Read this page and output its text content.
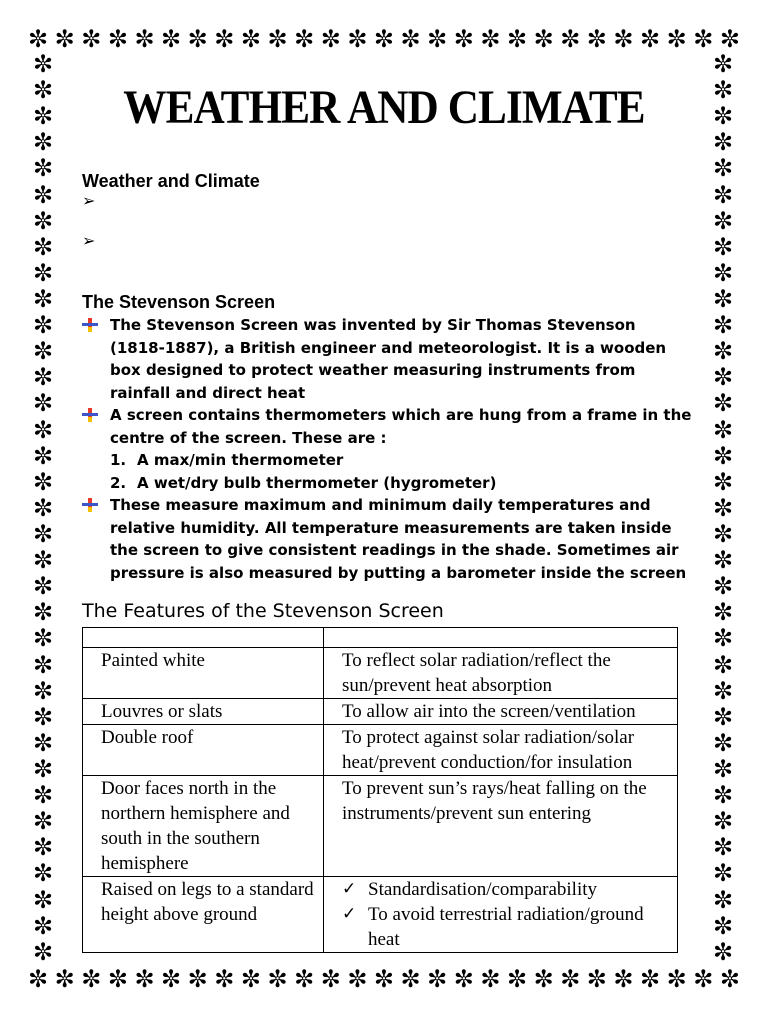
✼ ✼ ✼ ✼ ✼ ✼ ✼ ✼ ✼ ✼ ✼ ✼ ✼ ✼ ✼ ✼ ✼ ✼ ✼ ✼ ✼ ✼ ✼ ✼ ✼ ✼ ✼
✼ ✼ ✼ ✼ ✼ ✼ ✼ ✼ ✼ ✼ ✼ ✼ ✼ ✼ ✼ ✼ ✼ ✼ ✼ ✼ ✼ ✼ ✼ ✼ ✼ ✼ ✼
✼
✼
✼
✼
✼
✼
✼
✼
✼
✼
✼
✼
✼
✼
✼
✼
✼
✼
✼
✼
✼
✼
✼
✼
✼
✼
✼
✼
✼
✼
✼
✼
✼
✼
✼
✼
✼
✼
✼
✼
✼
✼
✼
✼
✼
✼
✼
✼
✼
✼
✼
✼
✼
✼
✼
✼
✼
✼
✼
✼
✼
✼
✼
✼
✼
✼
✼
✼
✼
✼
WEATHER AND CLIMATE
Weather and Climate
➢
➢
The Stevenson Screen
The Stevenson Screen was invented by Sir Thomas Stevenson (1818-1887), a British engineer and meteorologist. It is a wooden box designed to protect weather measuring instruments from rainfall and direct heat
A screen contains thermometers which are hung from a frame in the centre of the screen. These are :
1. A max/min thermometer
2. A wet/dry bulb thermometer (hygrometer)
These measure maximum and minimum daily temperatures and relative humidity. All temperature measurements are taken inside the screen to give consistent readings in the shade. Sometimes air pressure is also measured by putting a barometer inside the screen
The Features of the Stevenson Screen

Painted white	To reflect solar radiation/reflect the sun/prevent heat absorption
Louvres or slats	To allow air into the screen/ventilation
Double roof	To protect against solar radiation/solar heat/prevent conduction/for insulation
Door faces north in the northern hemisphere and south in the southern hemisphere	To prevent sun’s rays/heat falling on the instruments/prevent sun entering
Raised on legs to a standard height above ground	✓ Standardisation/comparability
✓ To avoid terrestrial radiation/ground heat
